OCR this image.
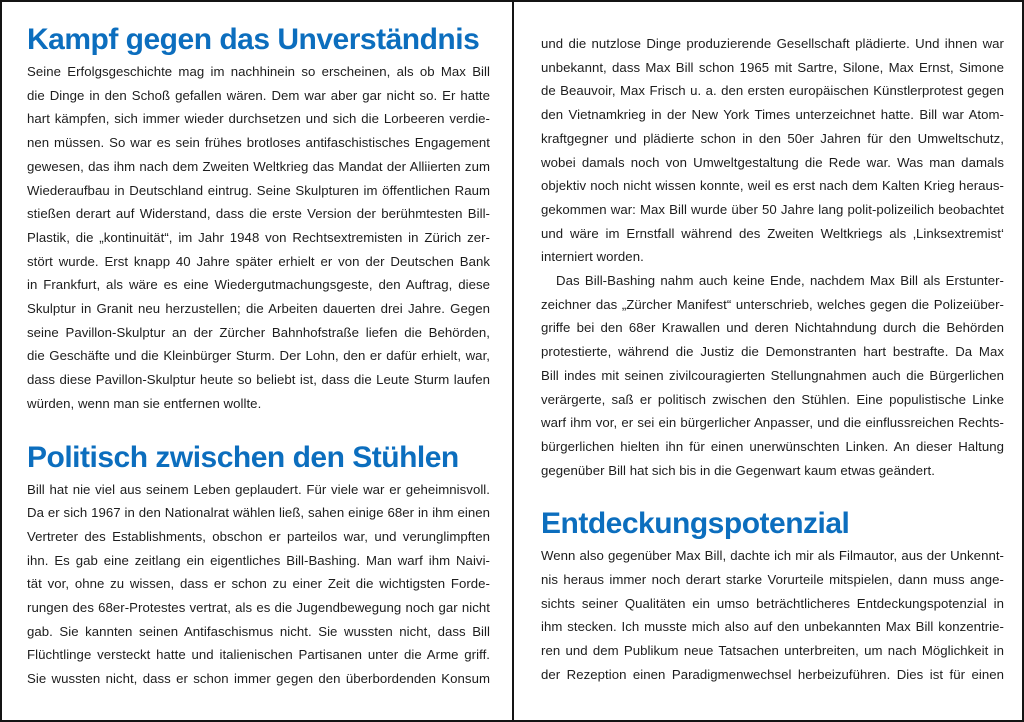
Kampf gegen das Unverständnis
Seine Erfolgsgeschichte mag im nachhinein so erscheinen, als ob Max Bill
die Dinge in den Schoß gefallen wären. Dem war aber gar nicht so. Er hatte
hart kämpfen, sich immer wieder durchsetzen und sich die Lorbeeren verdie-
nen müssen. So war es sein frühes brotloses antifaschistisches Engagement
gewesen, das ihm nach dem Zweiten Weltkrieg das Mandat der Alliierten zum
Wiederaufbau in Deutschland eintrug. Seine Skulpturen im öffentlichen Raum
stießen derart auf Widerstand, dass die erste Version der berühmtesten Bill-
Plastik, die „kontinuität“, im Jahr 1948 von Rechtsextremisten in Zürich zer-
stört wurde. Erst knapp 40 Jahre später erhielt er von der Deutschen Bank
in Frankfurt, als wäre es eine Wiedergutmachungsgeste, den Auftrag, diese
Skulptur in Granit neu herzustellen; die Arbeiten dauerten drei Jahre. Gegen
seine Pavillon-Skulptur an der Zürcher Bahnhofstraße liefen die Behörden,
die Geschäfte und die Kleinbürger Sturm. Der Lohn, den er dafür erhielt, war,
dass diese Pavillon-Skulptur heute so beliebt ist, dass die Leute Sturm laufen
würden, wenn man sie entfernen wollte.
Politisch zwischen den Stühlen
Bill hat nie viel aus seinem Leben geplaudert. Für viele war er geheimnisvoll.
Da er sich 1967 in den Nationalrat wählen ließ, sahen einige 68er in ihm einen
Vertreter des Establishments, obschon er parteilos war, und verunglimpften
ihn. Es gab eine zeitlang ein eigentliches Bill-Bashing. Man warf ihm Naivi-
tät vor, ohne zu wissen, dass er schon zu einer Zeit die wichtigsten Forde-
rungen des 68er-Protestes vertrat, als es die Jugendbewegung noch gar nicht
gab. Sie kannten seinen Antifaschismus nicht. Sie wussten nicht, dass Bill
Flüchtlinge versteckt hatte und italienischen Partisanen unter die Arme griff.
Sie wussten nicht, dass er schon immer gegen den überbordenden Konsum
und die nutzlose Dinge produzierende Gesellschaft plädierte. Und ihnen war
unbekannt, dass Max Bill schon 1965 mit Sartre, Silone, Max Ernst, Simone
de Beauvoir, Max Frisch u. a. den ersten europäischen Künstlerprotest gegen
den Vietnamkrieg in der New York Times unterzeichnet hatte. Bill war Atom-
kraftgegner und plädierte schon in den 50er Jahren für den Umweltschutz,
wobei damals noch von Umweltgestaltung die Rede war. Was man damals
objektiv noch nicht wissen konnte, weil es erst nach dem Kalten Krieg heraus-
gekommen war: Max Bill wurde über 50 Jahre lang polit-polizeilich beobachtet
und wäre im Ernstfall während des Zweiten Weltkriegs als ‚Linksextremist‘
interniert worden.
Das Bill-Bashing nahm auch keine Ende, nachdem Max Bill als Erstunter-
zeichner das „Zürcher Manifest“ unterschrieb, welches gegen die Polizeiüber-
griffe bei den 68er Krawallen und deren Nichtahndung durch die Behörden
protestierte, während die Justiz die Demonstranten hart bestrafte. Da Max
Bill indes mit seinen zivilcouragierten Stellungnahmen auch die Bürgerlichen
verärgerte, saß er politisch zwischen den Stühlen. Eine populistische Linke
warf ihm vor, er sei ein bürgerlicher Anpasser, und die einflussreichen Rechts-
bürgerlichen hielten ihn für einen unerwünschten Linken. An dieser Haltung
gegenüber Bill hat sich bis in die Gegenwart kaum etwas geändert.
Entdeckungspotenzial
Wenn also gegenüber Max Bill, dachte ich mir als Filmautor, aus der Unkennt-
nis heraus immer noch derart starke Vorurteile mitspielen, dann muss ange-
sichts seiner Qualitäten ein umso beträchtlicheres Entdeckungspotenzial in
ihm stecken. Ich musste mich also auf den unbekannten Max Bill konzentrie-
ren und dem Publikum neue Tatsachen unterbreiten, um nach Möglichkeit in
der Rezeption einen Paradigmenwechsel herbeizuführen. Dies ist für einen
